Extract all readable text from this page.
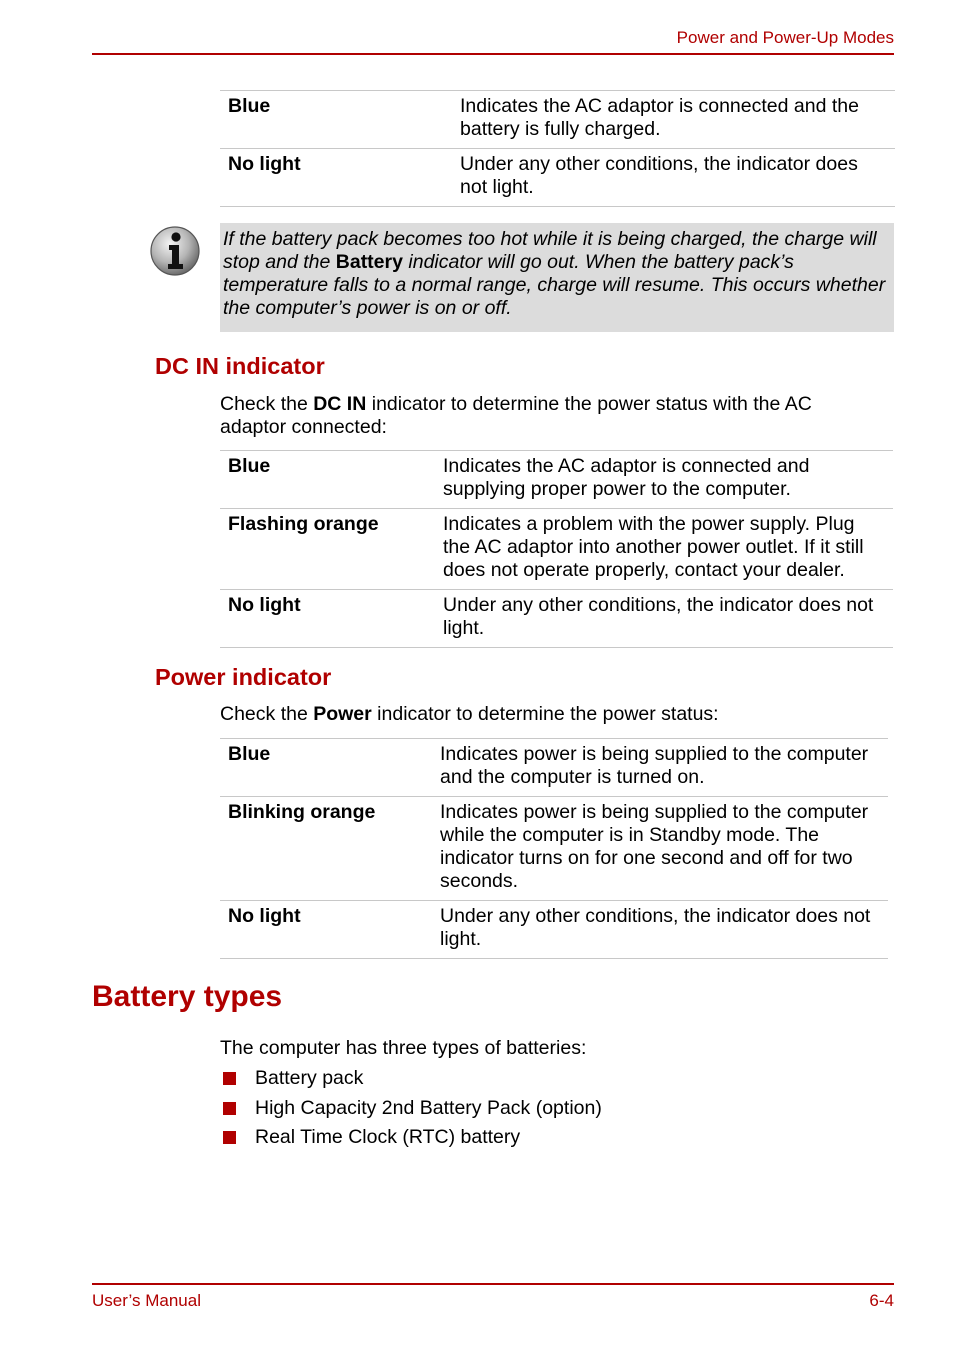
Power and Power-Up Modes
Blue	Indicates the AC adaptor is connected and the battery is fully charged.
No light	Under any other conditions, the indicator does not light.
If the battery pack becomes too hot while it is being charged, the charge will stop and the Battery indicator will go out. When the battery pack’s temperature falls to a normal range, charge will resume. This occurs whether the computer’s power is on or off.
DC IN indicator
Check the DC IN indicator to determine the power status with the AC adaptor connected:
Blue	Indicates the AC adaptor is connected and supplying proper power to the computer.
Flashing orange	Indicates a problem with the power supply. Plug the AC adaptor into another power outlet. If it still does not operate properly, contact your dealer.
No light	Under any other conditions, the indicator does not light.
Power indicator
Check the Power indicator to determine the power status:
Blue	Indicates power is being supplied to the computer and the computer is turned on.
Blinking orange	Indicates power is being supplied to the computer while the computer is in Standby mode. The indicator turns on for one second and off for two seconds.
No light	Under any other conditions, the indicator does not light.
Battery types
The computer has three types of batteries:
Battery pack
High Capacity 2nd Battery Pack (option)
Real Time Clock (RTC) battery
User’s Manual	6-4
